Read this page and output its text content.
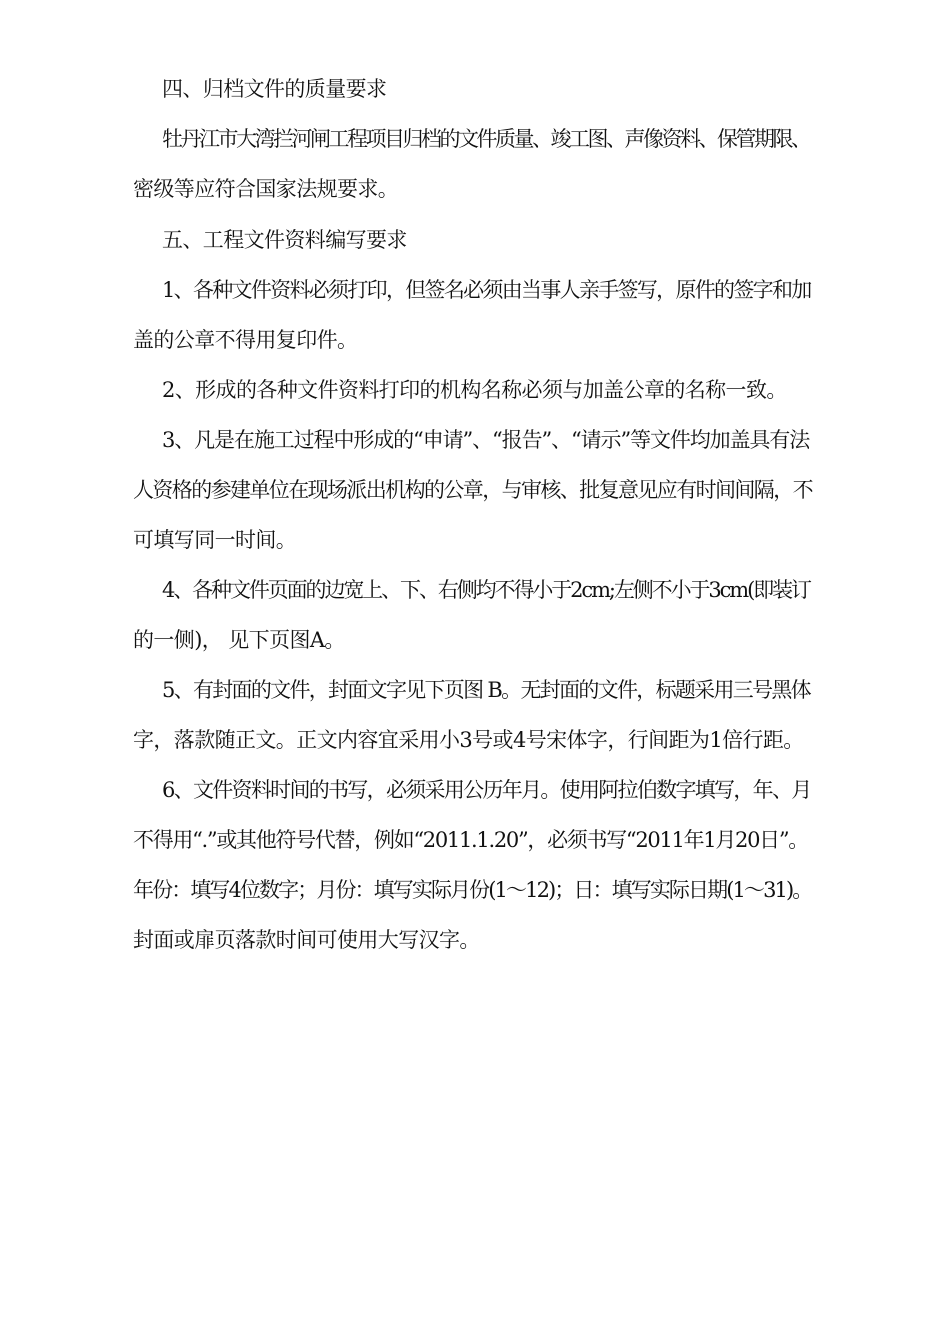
四、归档文件的质量要求
牡丹江市大湾拦河闸工程项目归档的文件质量、竣工图、声像资料、保管期限、
密级等应符合国家法规要求。
五、工程文件资料编写要求
1、各种文件资料必须打印，但签名必须由当事人亲手签写，原件的签字和加
盖的公章不得用复印件。
2、形成的各种文件资料打印的机构名称必须与加盖公章的名称一致。
3、凡是在施工过程中形成的“申请”、“报告”、“请示”等文件均加盖具有法
人资格的参建单位在现场派出机构的公章，与审核、批复意见应有时间间隔，不
可填写同一时间。
4、各种文件页面的边宽上、下、右侧均不得小于2cm;左侧不小于3cm(即装订
的一侧)， 见下页图A。
5、有封面的文件，封面文字见下页图 B。无封面的文件，标题采用三号黑体
字，落款随正文。正文内容宜采用小3号或4号宋体字，行间距为1倍行距。
6、文件资料时间的书写，必须采用公历年月。使用阿拉伯数字填写，年、月
不得用“.”或其他符号代替，例如“2011.1.20”，必须书写“2011年1月20日”。
年份：填写4位数字；月份：填写实际月份(1～12)；日：填写实际日期(1～31)。
封面或扉页落款时间可使用大写汉字。
